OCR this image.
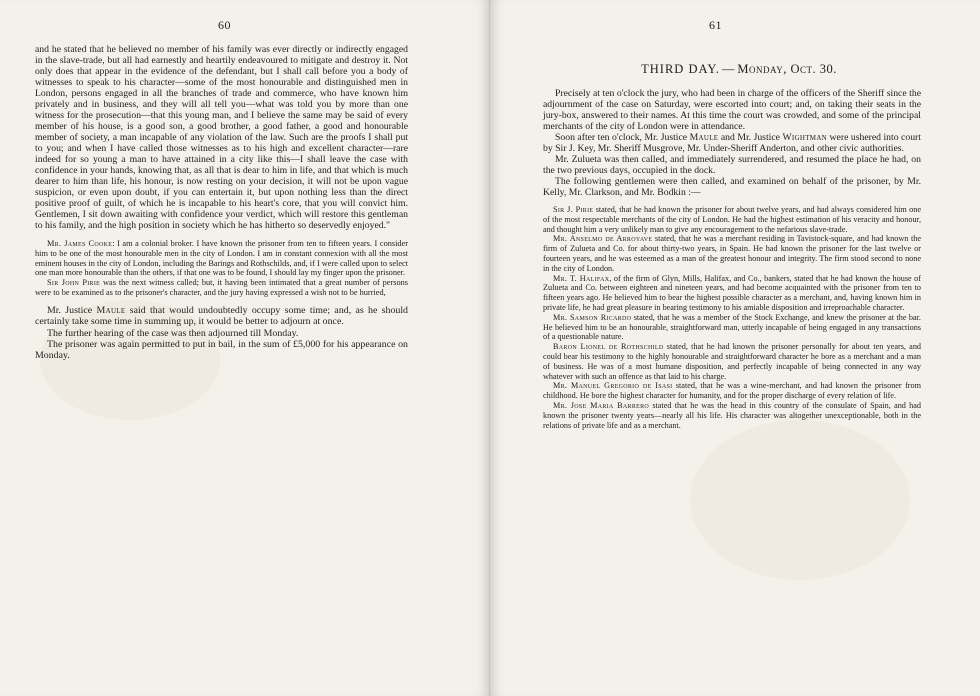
60

and he stated that he believed no member of his family was ever directly or indirectly engaged in the slave-trade, but all had earnestly and heartily endeavoured to mitigate and destroy it. Not only does that appear in the evidence of the defendant, but I shall call before you a body of witnesses to speak to his character—some of the most honourable and distinguished men in London, persons engaged in all the branches of trade and commerce, who have known him privately and in business, and they will all tell you—what was told you by more than one witness for the prosecution—that this young man, and I believe the same may be said of every member of his house, is a good son, a good brother, a good father, a good and honourable member of society, a man incapable of any violation of the law. Such are the proofs I shall put to you; and when I have called those witnesses as to his high and excellent character—rare indeed for so young a man to have attained in a city like this—I shall leave the case with confidence in your hands, knowing that, as all that is dear to him in life, and that which is much dearer to him than life, his honour, is now resting on your decision, it will not be upon vague suspicion, or even upon doubt, if you can entertain it, but upon nothing less than the direct positive proof of guilt, of which he is incapable to his heart's core, that you will convict him. Gentlemen, I sit down awaiting with confidence your verdict, which will restore this gentleman to his family, and the high position in society which he has hitherto so deservedly enjoyed."

Mr. James Cooke: I am a colonial broker. I have known the prisoner from ten to fifteen years. I consider him to be one of the most honourable men in the city of London. I am in constant connexion with all the most eminent houses in the city of London, including the Barings and Rothschilds, and, if I were called upon to select one man more honourable than the others, if that one was to be found, I should lay my finger upon the prisoner.

Sir John Pirie was the next witness called; but, it having been intimated that a great number of persons were to be examined as to the prisoner's character, and the jury having expressed a wish not to be hurried,

Mr. Justice Maule said that would undoubtedly occupy some time; and, as he should certainly take some time in summing up, it would be better to adjourn at once.

The further hearing of the case was then adjourned till Monday.

The prisoner was again permitted to put in bail, in the sum of £5,000 for his appearance on Monday.

61
THIRD DAY. — Monday, Oct. 30.

Precisely at ten o'clock the jury, who had been in charge of the officers of the Sheriff since the adjournment of the case on Saturday, were escorted into court; and, on taking their seats in the jury-box, answered to their names. At this time the court was crowded, and some of the principal merchants of the city of London were in attendance.

Soon after ten o'clock, Mr. Justice Maule and Mr. Justice Wightman were ushered into court by Sir J. Key, Mr. Sheriff Musgrove, Mr. Under-Sheriff Anderton, and other civic authorities.

Mr. Zulueta was then called, and immediately surrendered, and resumed the place he had, on the two previous days, occupied in the dock.

The following gentlemen were then called, and examined on behalf of the prisoner, by Mr. Kelly, Mr. Clarkson, and Mr. Bodkin :—

Sir J. Pirie stated, that he had known the prisoner for about twelve years, and had always considered him one of the most respectable merchants of the city of London. He had the highest estimation of his veracity and honour, and thought him a very unlikely man to give any encouragement to the nefarious slave-trade.

Mr. Anselmo de Arroyave stated, that he was a merchant residing in Tavistock-square, and had known the firm of Zulueta and Co. for about thirty-two years, in Spain. He had known the prisoner for the last twelve or fourteen years, and he was esteemed as a man of the greatest honour and integrity. The firm stood second to none in the city of London.

Mr. T. Halifax, of the firm of Glyn, Mills, Halifax, and Co., bankers, stated that he had known the house of Zulueta and Co. between eighteen and nineteen years, and had become acquainted with the prisoner from ten to fifteen years ago. He believed him to bear the highest possible character as a merchant, and, having known him in private life, he had great pleasure in bearing testimony to his amiable disposition and irreproachable character.

Mr. Samson Ricardo stated, that he was a member of the Stock Exchange, and knew the prisoner at the bar. He believed him to be an honourable, straightforward man, utterly incapable of being engaged in any transactions of a questionable nature.

Baron Lionel de Rothschild stated, that he had known the prisoner personally for about ten years, and could bear his testimony to the highly honourable and straightforward character he bore as a merchant and a man of business. He was of a most humane disposition, and perfectly incapable of being connected in any way whatever with such an offence as that laid to his charge.

Mr. Manuel Gregorio de Isasi stated, that he was a wine-merchant, and had known the prisoner from childhood. He bore the highest character for humanity, and for the proper discharge of every relation of life.

Mr. Jose Maria Barrero stated that he was the head in this country of the consulate of Spain, and had known the prisoner twenty years—nearly all his life. His character was altogether unexceptionable, both in the relations of private life and as a merchant.
